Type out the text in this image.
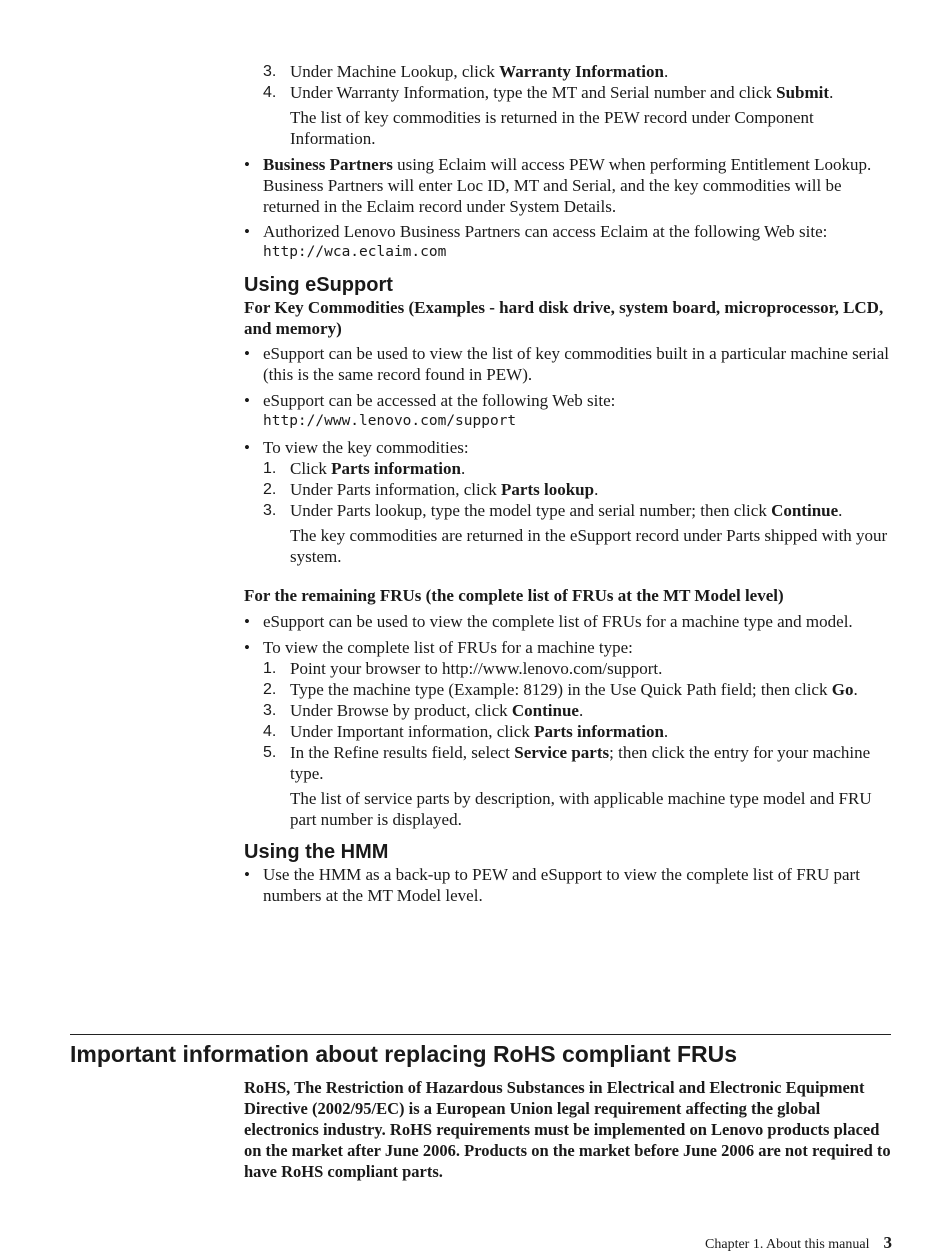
3. Under Machine Lookup, click Warranty Information.
4. Under Warranty Information, type the MT and Serial number and click Submit.
The list of key commodities is returned in the PEW record under Component Information.
• Business Partners using Eclaim will access PEW when performing Entitlement Lookup. Business Partners will enter Loc ID, MT and Serial, and the key commodities will be returned in the Eclaim record under System Details.
• Authorized Lenovo Business Partners can access Eclaim at the following Web site:
http://wca.eclaim.com
Using eSupport
For Key Commodities (Examples - hard disk drive, system board, microprocessor, LCD, and memory)
• eSupport can be used to view the list of key commodities built in a particular machine serial (this is the same record found in PEW).
• eSupport can be accessed at the following Web site:
http://www.lenovo.com/support
• To view the key commodities:
1. Click Parts information.
2. Under Parts information, click Parts lookup.
3. Under Parts lookup, type the model type and serial number; then click Continue.
The key commodities are returned in the eSupport record under Parts shipped with your system.
For the remaining FRUs (the complete list of FRUs at the MT Model level)
• eSupport can be used to view the complete list of FRUs for a machine type and model.
• To view the complete list of FRUs for a machine type:
1. Point your browser to http://www.lenovo.com/support.
2. Type the machine type (Example: 8129) in the Use Quick Path field; then click Go.
3. Under Browse by product, click Continue.
4. Under Important information, click Parts information.
5. In the Refine results field, select Service parts; then click the entry for your machine type.
The list of service parts by description, with applicable machine type model and FRU part number is displayed.
Using the HMM
• Use the HMM as a back-up to PEW and eSupport to view the complete list of FRU part numbers at the MT Model level.
Important information about replacing RoHS compliant FRUs
RoHS, The Restriction of Hazardous Substances in Electrical and Electronic Equipment Directive (2002/95/EC) is a European Union legal requirement affecting the global electronics industry. RoHS requirements must be implemented on Lenovo products placed on the market after June 2006. Products on the market before June 2006 are not required to have RoHS compliant parts.
Chapter 1. About this manual 3
